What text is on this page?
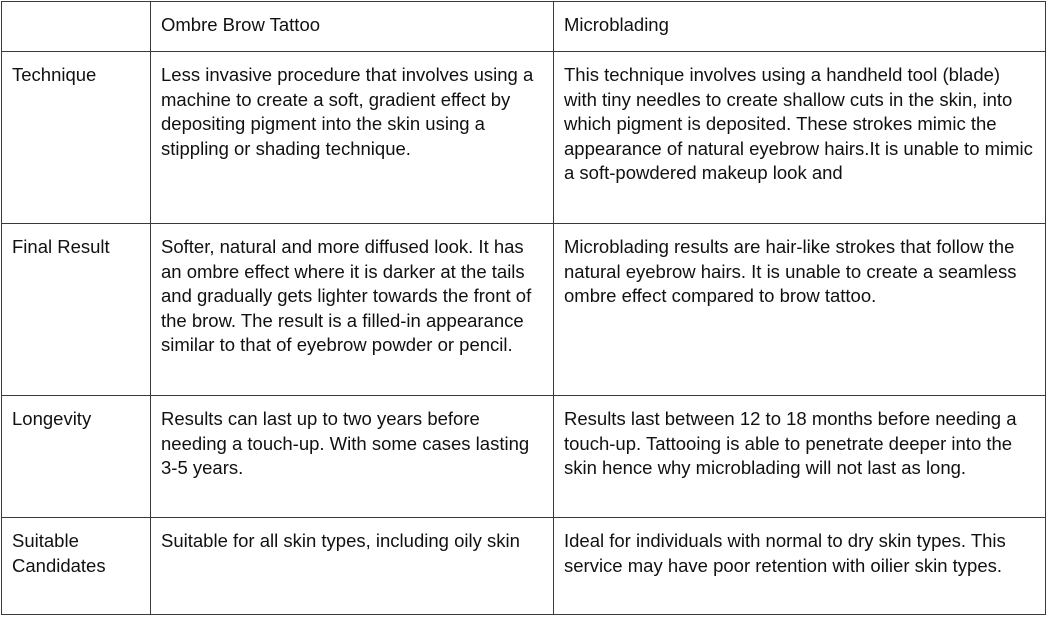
	Ombre Brow Tattoo	Microblading
Technique	Less invasive procedure that involves using a machine to create a soft, gradient effect by depositing pigment into the skin using a stippling or shading technique.	This technique involves using a handheld tool (blade) with tiny needles to create shallow cuts in the skin, into which pigment is deposited. These strokes mimic the appearance of natural eyebrow hairs.It is unable to mimic a soft-powdered makeup look and
Final Result	Softer, natural and more diffused look. It has an ombre effect where it is darker at the tails and gradually gets lighter towards the front of the brow. The result is a filled-in appearance similar to that of eyebrow powder or pencil.	Microblading results are hair-like strokes that follow the natural eyebrow hairs. It is unable to create a seamless ombre effect compared to brow tattoo.
Longevity	Results can last up to two years before needing a touch-up. With some cases lasting 3-5 years.	Results last between 12 to 18 months before needing a touch-up. Tattooing is able to penetrate deeper into the skin hence why microblading will not last as long.
Suitable Candidates	Suitable for all skin types, including oily skin	Ideal for individuals with normal to dry skin types. This service may have poor retention with oilier skin types.
